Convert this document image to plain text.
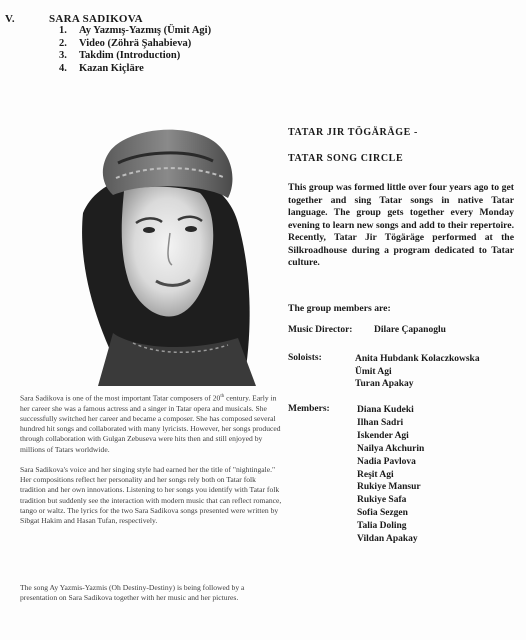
V.	SARA SADIKOVA
1. Ay Yazmış-Yazmış (Ümit Agi)
2. Video (Zöhrä Şahabieva)
3. Takdim (Introduction)
4. Kazan Kiçläre

Sara Sadikova is one of the most important Tatar composers of 20th century. Early in her career she was a famous actress and a singer in Tatar opera and musicals. She successfully switched her career and became a composer. She has composed several hundred hit songs and collaborated with many lyricists. However, her songs produced through collaboration with Gulgan Zebuseva were hits then and still enjoyed by millions of Tatars worldwide.

Sara Sadikova's voice and her singing style had earned her the title of "nightingale." Her compositions reflect her personality and her songs rely both on Tatar folk tradition and her own innovations. Listening to her songs you identify with Tatar folk tradition but suddenly see the interaction with modern music that can reflect romance, tango or waltz. The lyrics for the two Sara Sadikova songs presented were written by Sibgat Hakim and Hasan Tufan, respectively.

The song Ay Yazmis-Yazmis (Oh Destiny-Destiny) is being followed by a presentation on Sara Sadikova together with her music and her pictures.

TATAR JIR TÖGÄRÄGE -
TATAR SONG CIRCLE

This group was formed little over four years ago to get together and sing Tatar songs in native Tatar language. The group gets together every Monday evening to learn new songs and add to their repertoire. Recently, Tatar Jir Tögäräge performed at the Silkroadhouse during a program dedicated to Tatar culture.

The group members are:
Music Director: Dilare Çapanoglu
Soloists:	Anita Hubdank Kolaczkowska
Ümit Agi
Turan Apakay
Members:	Diana Kudeki
Ilhan Sadri
Iskender Agi
Nailya Akchurin
Nadia Pavlova
Reşit Agi
Rukiye Mansur
Rukiye Safa
Sofia Sezgen
Talia Doling
Vildan Apakay
